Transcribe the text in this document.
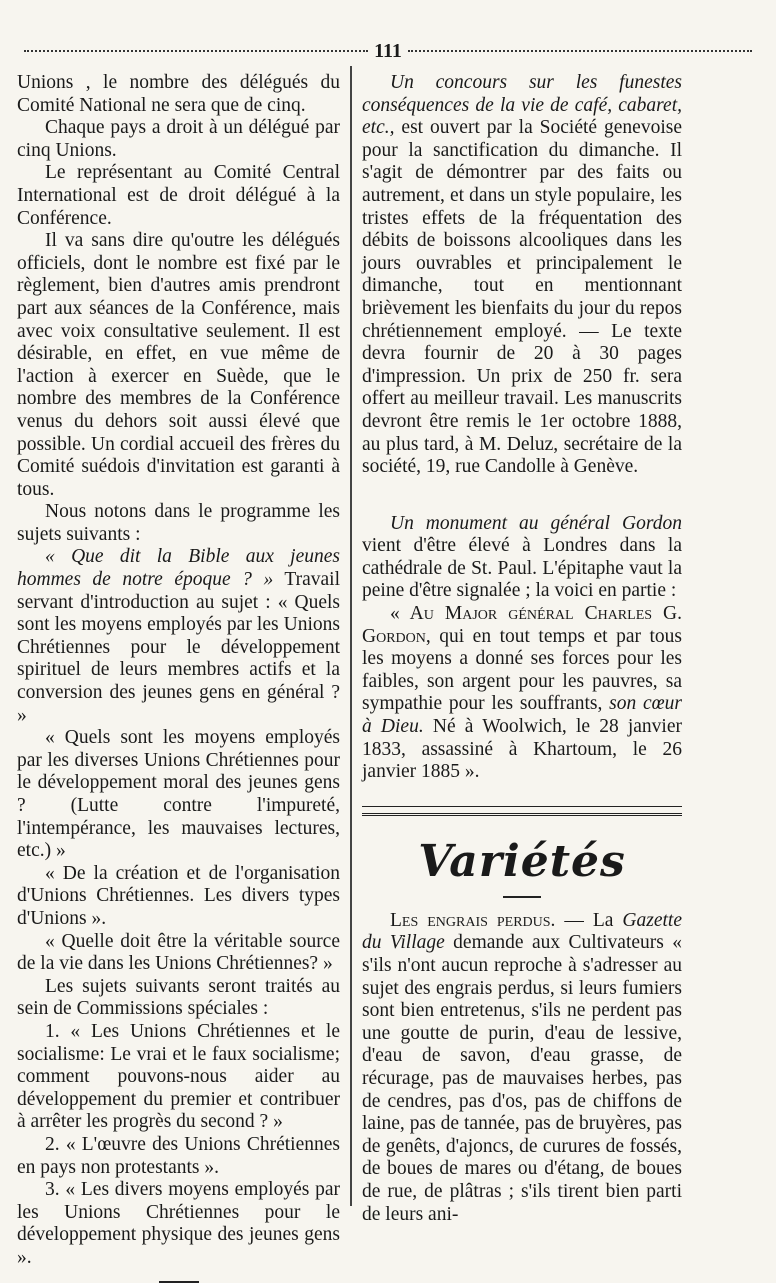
111

Unions , le nombre des délégués du Comité National ne sera que de cinq.

Chaque pays a droit à un délégué par cinq Unions.

Le représentant au Comité Central International est de droit délégué à la Conférence.

Il va sans dire qu'outre les délégués officiels, dont le nombre est fixé par le règlement, bien d'autres amis prendront part aux séances de la Conférence, mais avec voix consultative seulement. Il est désirable, en effet, en vue même de l'action à exercer en Suède, que le nombre des membres de la Conférence venus du dehors soit aussi élevé que possible. Un cordial accueil des frères du Comité suédois d'invitation est garanti à tous.

Nous notons dans le programme les sujets suivants :

« Que dit la Bible aux jeunes hommes de notre époque ? » Travail servant d'introduction au sujet : « Quels sont les moyens employés par les Unions Chrétiennes pour le développement spirituel de leurs membres actifs et la conversion des jeunes gens en général ? »

« Quels sont les moyens employés par les diverses Unions Chrétiennes pour le développement moral des jeunes gens ? (Lutte contre l'impureté, l'intempérance, les mauvaises lectures, etc.) »

« De la création et de l'organisation d'Unions Chrétiennes. Les divers types d'Unions ».

« Quelle doit être la véritable source de la vie dans les Unions Chrétiennes? »

Les sujets suivants seront traités au sein de Commissions spéciales :

1. « Les Unions Chrétiennes et le socialisme: Le vrai et le faux socialisme; comment pouvons-nous aider au développement du premier et contribuer à arrêter les progrès du second ? »

2. « L'œuvre des Unions Chrétiennes en pays non protestants ».

3. « Les divers moyens employés par les Unions Chrétiennes pour le développement physique des jeunes gens ».

Un concours sur les funestes conséquences de la vie de café, cabaret, etc., est ouvert par la Société genevoise pour la sanctification du dimanche. Il s'agit de démontrer par des faits ou autrement, et dans un style populaire, les tristes effets de la fréquentation des débits de boissons alcooliques dans les jours ouvrables et principalement le dimanche, tout en mentionnant brièvement les bienfaits du jour du repos chrétiennement employé. — Le texte devra fournir de 20 à 30 pages d'impression. Un prix de 250 fr. sera offert au meilleur travail. Les manuscrits devront être remis le 1er octobre 1888, au plus tard, à M. Deluz, secrétaire de la société, 19, rue Candolle à Genève.

Un monument au général Gordon vient d'être élevé à Londres dans la cathédrale de St. Paul. L'épitaphe vaut la peine d'être signalée ; la voici en partie :

« Au Major général Charles G. Gordon, qui en tout temps et par tous les moyens a donné ses forces pour les faibles, son argent pour les pauvres, sa sympathie pour les souffrants, son cœur à Dieu. Né à Woolwich, le 28 janvier 1833, assassiné à Khartoum, le 26 janvier 1885 ».

Variétés

Les engrais perdus. — La Gazette du Village demande aux Cultivateurs « s'ils n'ont aucun reproche à s'adresser au sujet des engrais perdus, si leurs fumiers sont bien entretenus, s'ils ne perdent pas une goutte de purin, d'eau de lessive, d'eau de savon, d'eau grasse, de récurage, pas de mauvaises herbes, pas de cendres, pas d'os, pas de chiffons de laine, pas de tannée, pas de bruyères, pas de genêts, d'ajoncs, de curures de fossés, de boues de mares ou d'étang, de boues de rue, de plâtras ; s'ils tirent bien parti de leurs ani-
